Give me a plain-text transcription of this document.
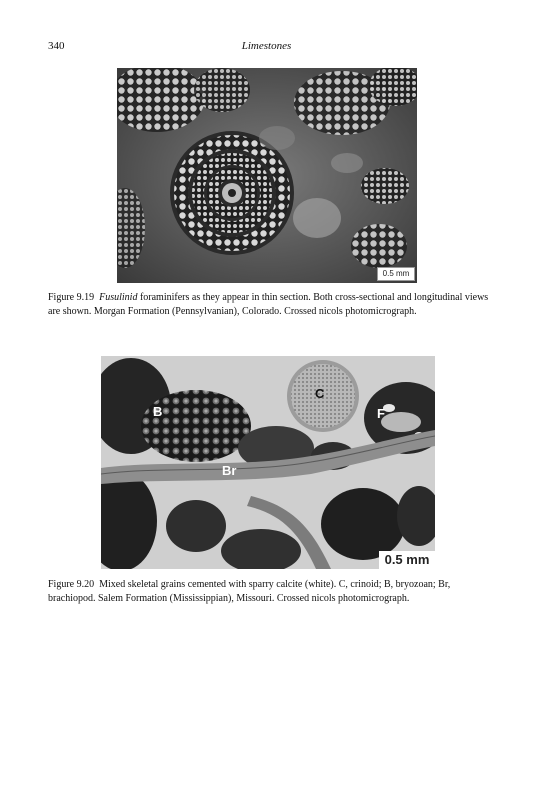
340	Limestones
0.5 mm

Figure 9.19 Fusulinid foraminifers as they appear in thin section. Both cross-sectional and longitudinal views are shown. Morgan Formation (Pennsylvanian), Colorado. Crossed nicols photomicrograph.

B
C
F
Br
0.5 mm

Figure 9.20 Mixed skeletal grains cemented with sparry calcite (white). C, crinoid; B, bryozoan; Br, brachiopod. Salem Formation (Mississippian), Missouri. Crossed nicols photomicrograph.
